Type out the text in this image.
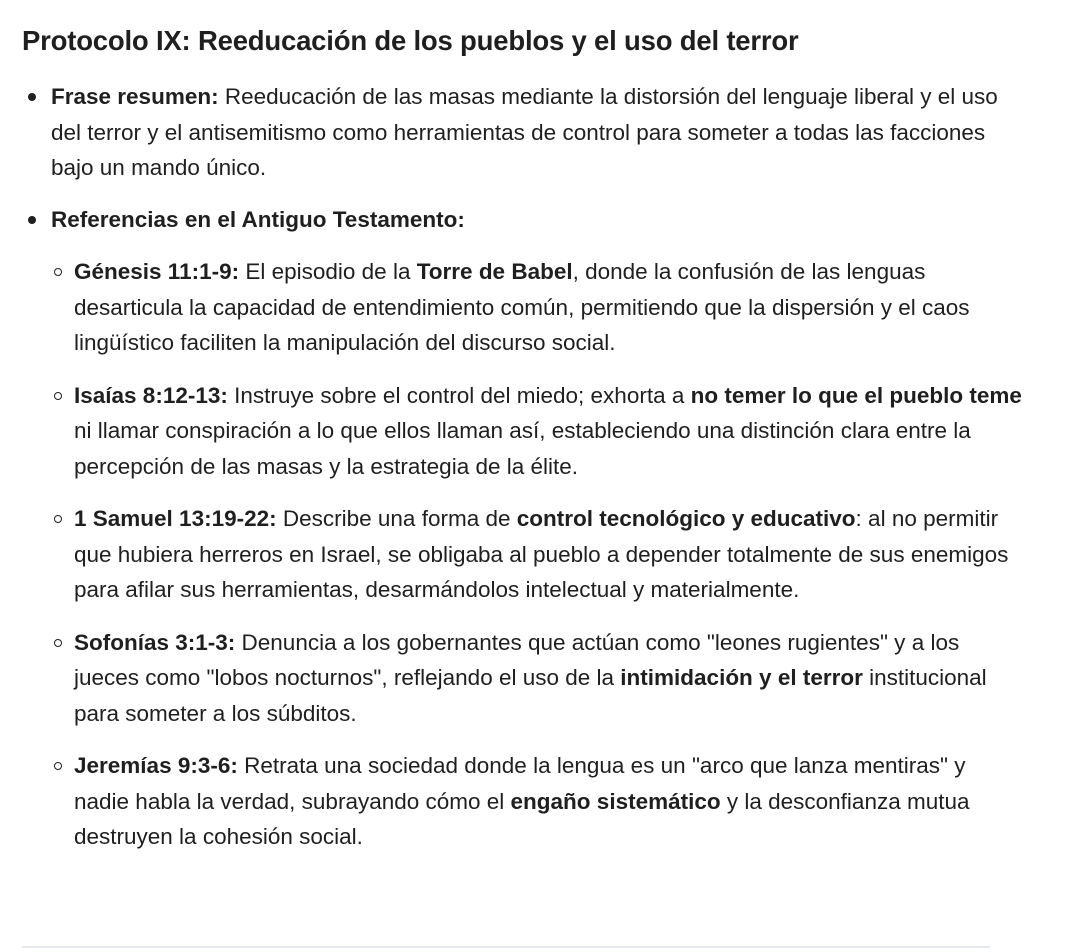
Protocolo IX: Reeducación de los pueblos y el uso del terror
Frase resumen: Reeducación de las masas mediante la distorsión del lenguaje liberal y el uso del terror y el antisemitismo como herramientas de control para someter a todas las facciones bajo un mando único.
Referencias en el Antiguo Testamento:
Génesis 11:1-9: El episodio de la Torre de Babel, donde la confusión de las lenguas desarticula la capacidad de entendimiento común, permitiendo que la dispersión y el caos lingüístico faciliten la manipulación del discurso social.
Isaías 8:12-13: Instruye sobre el control del miedo; exhorta a no temer lo que el pueblo teme ni llamar conspiración a lo que ellos llaman así, estableciendo una distinción clara entre la percepción de las masas y la estrategia de la élite.
1 Samuel 13:19-22: Describe una forma de control tecnológico y educativo: al no permitir que hubiera herreros en Israel, se obligaba al pueblo a depender totalmente de sus enemigos para afilar sus herramientas, desarmándolos intelectual y materialmente.
Sofonías 3:1-3: Denuncia a los gobernantes que actúan como "leones rugientes" y a los jueces como "lobos nocturnos", reflejando el uso de la intimidación y el terror institucional para someter a los súbditos.
Jeremías 9:3-6: Retrata una sociedad donde la lengua es un "arco que lanza mentiras" y nadie habla la verdad, subrayando cómo el engaño sistemático y la desconfianza mutua destruyen la cohesión social.
